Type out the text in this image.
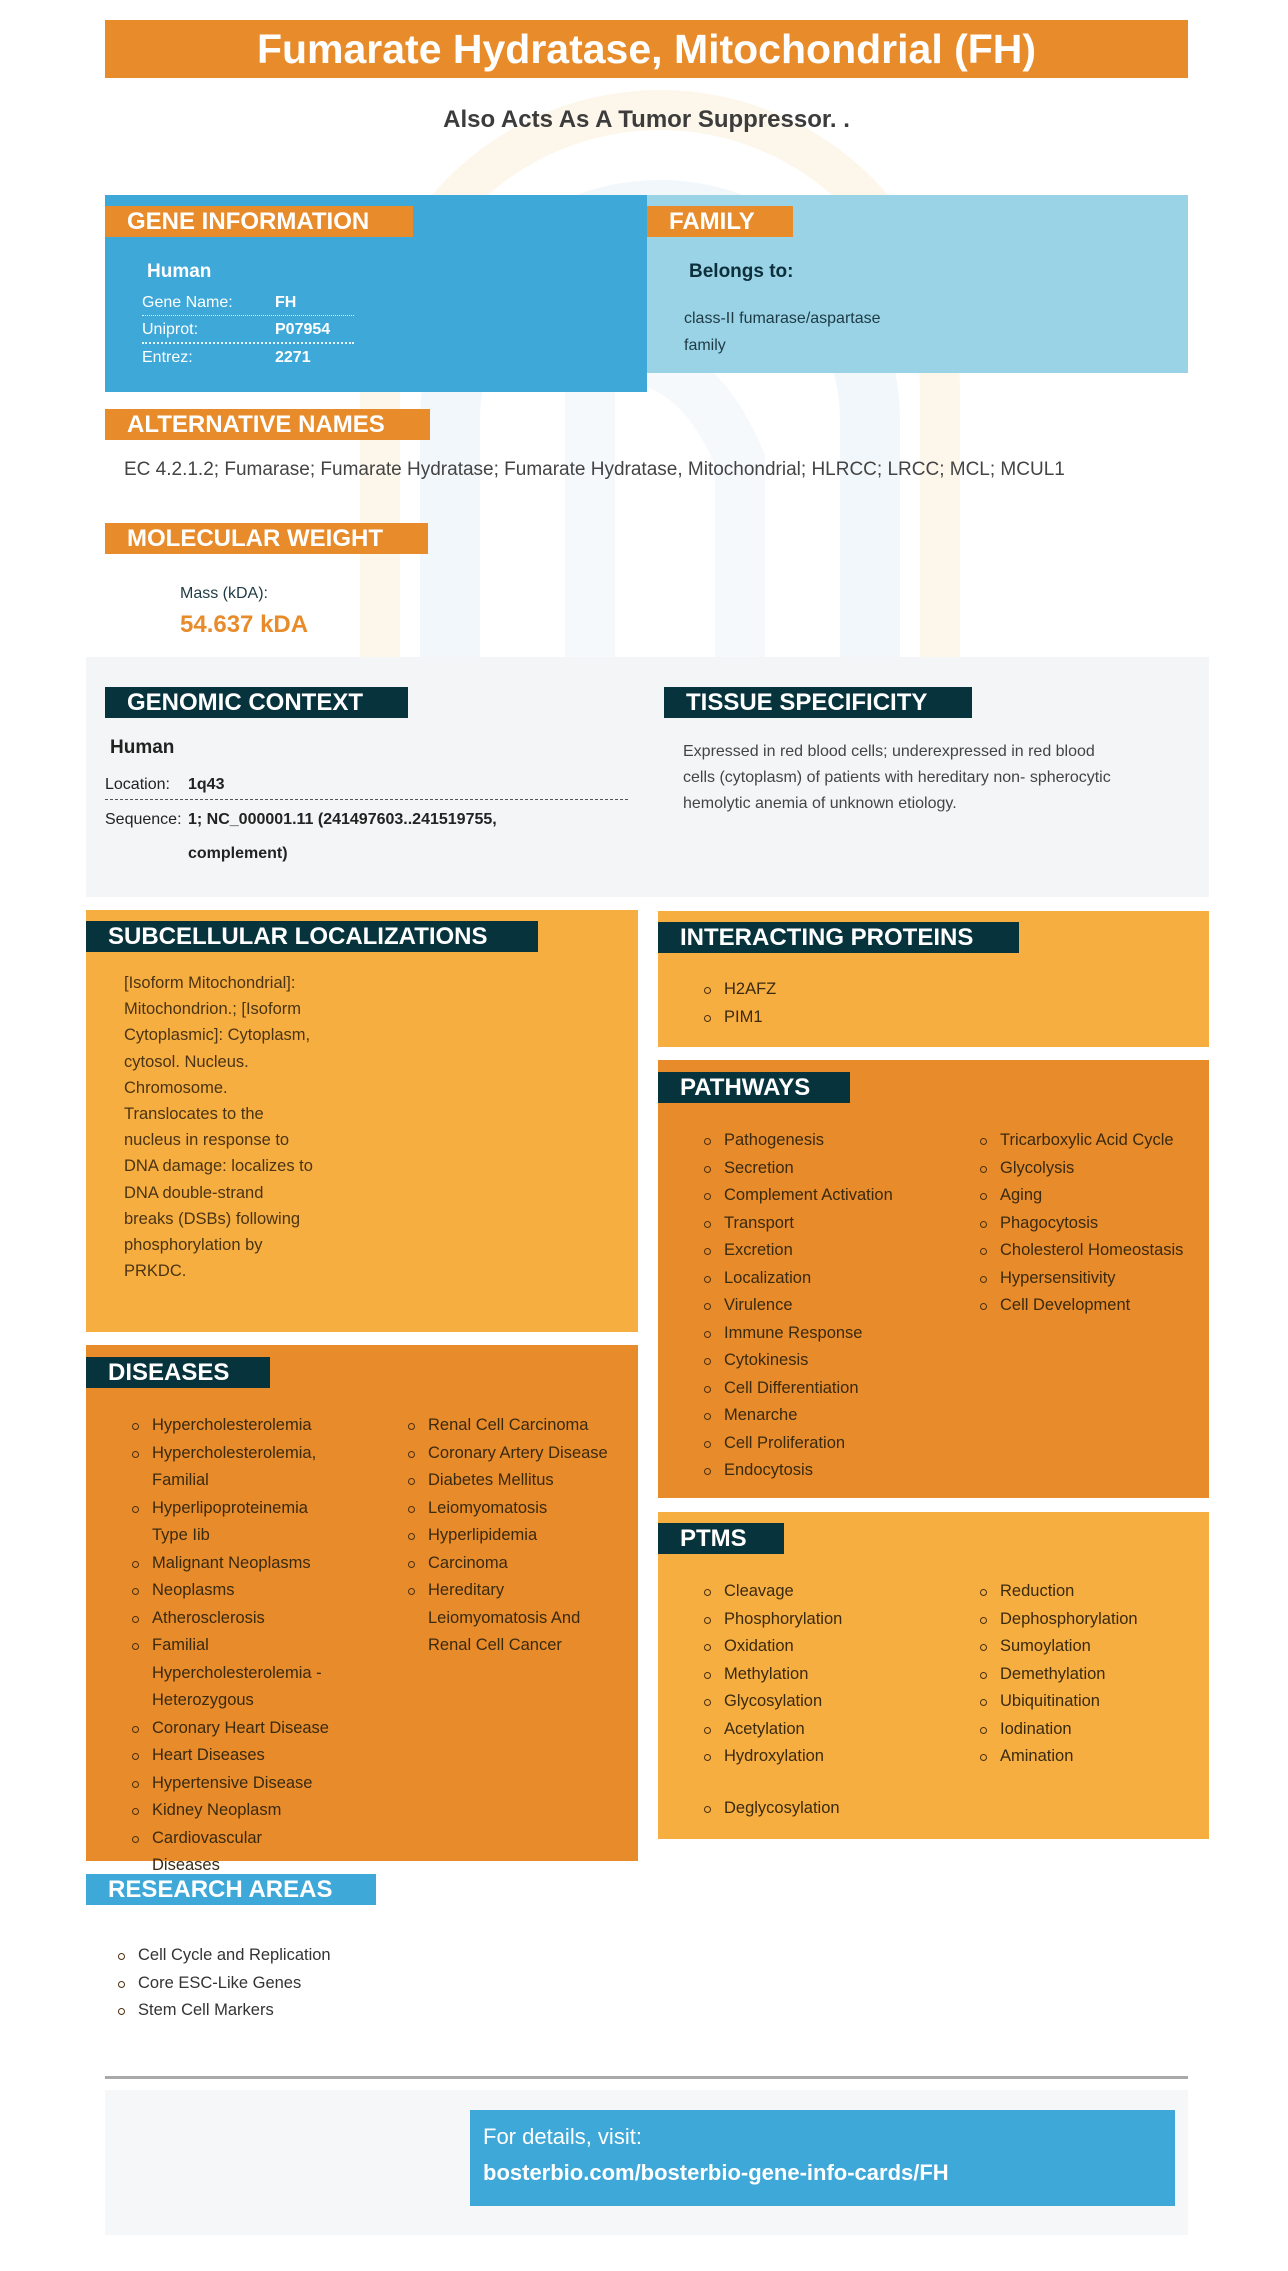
Fumarate Hydratase, Mitochondrial (FH)
Also Acts As A Tumor Suppressor. .
GENE INFORMATION
Human
Gene Name:	FH
Uniprot:	P07954
Entrez:	2271
FAMILY
Belongs to:
class-II fumarase/aspartase
family
ALTERNATIVE NAMES
EC 4.2.1.2; Fumarase; Fumarate Hydratase; Fumarate Hydratase, Mitochondrial; HLRCC; LRCC; MCL; MCUL1
MOLECULAR WEIGHT
Mass (kDA):
54.637 kDA
GENOMIC CONTEXT
Human
Location: 1q43
Sequence: 1; NC_000001.11 (241497603..241519755,
complement)
TISSUE SPECIFICITY
Expressed in red blood cells; underexpressed in red blood
cells (cytoplasm) of patients with hereditary non- spherocytic
hemolytic anemia of unknown etiology.
SUBCELLULAR LOCALIZATIONS
[Isoform Mitochondrial]:
Mitochondrion.; [Isoform
Cytoplasmic]: Cytoplasm,
cytosol. Nucleus.
Chromosome.
Translocates to the
nucleus in response to
DNA damage: localizes to
DNA double-strand
breaks (DSBs) following
phosphorylation by
PRKDC.
INTERACTING PROTEINS
H2AFZ
PIM1
PATHWAYS
Pathogenesis
Secretion
Complement Activation
Transport
Excretion
Localization
Virulence
Immune Response
Cytokinesis
Cell Differentiation
Menarche
Cell Proliferation
Endocytosis
Tricarboxylic Acid Cycle
Glycolysis
Aging
Phagocytosis
Cholesterol Homeostasis
Hypersensitivity
Cell Development
DISEASES
Hypercholesterolemia
Hypercholesterolemia, Familial
Hyperlipoproteinemia Type Iib
Malignant Neoplasms
Neoplasms
Atherosclerosis
Familial Hypercholesterolemia - Heterozygous
Coronary Heart Disease
Heart Diseases
Hypertensive Disease
Kidney Neoplasm
Cardiovascular Diseases
Renal Cell Carcinoma
Coronary Artery Disease
Diabetes Mellitus
Leiomyomatosis
Hyperlipidemia
Carcinoma
Hereditary Leiomyomatosis And Renal Cell Cancer
PTMS
Cleavage
Phosphorylation
Oxidation
Methylation
Glycosylation
Acetylation
Hydroxylation
Reduction
Dephosphorylation
Sumoylation
Demethylation
Ubiquitination
Iodination
Amination
Deglycosylation
RESEARCH AREAS
Cell Cycle and Replication
Core ESC-Like Genes
Stem Cell Markers
For details, visit:
bosterbio.com/bosterbio-gene-info-cards/FH
